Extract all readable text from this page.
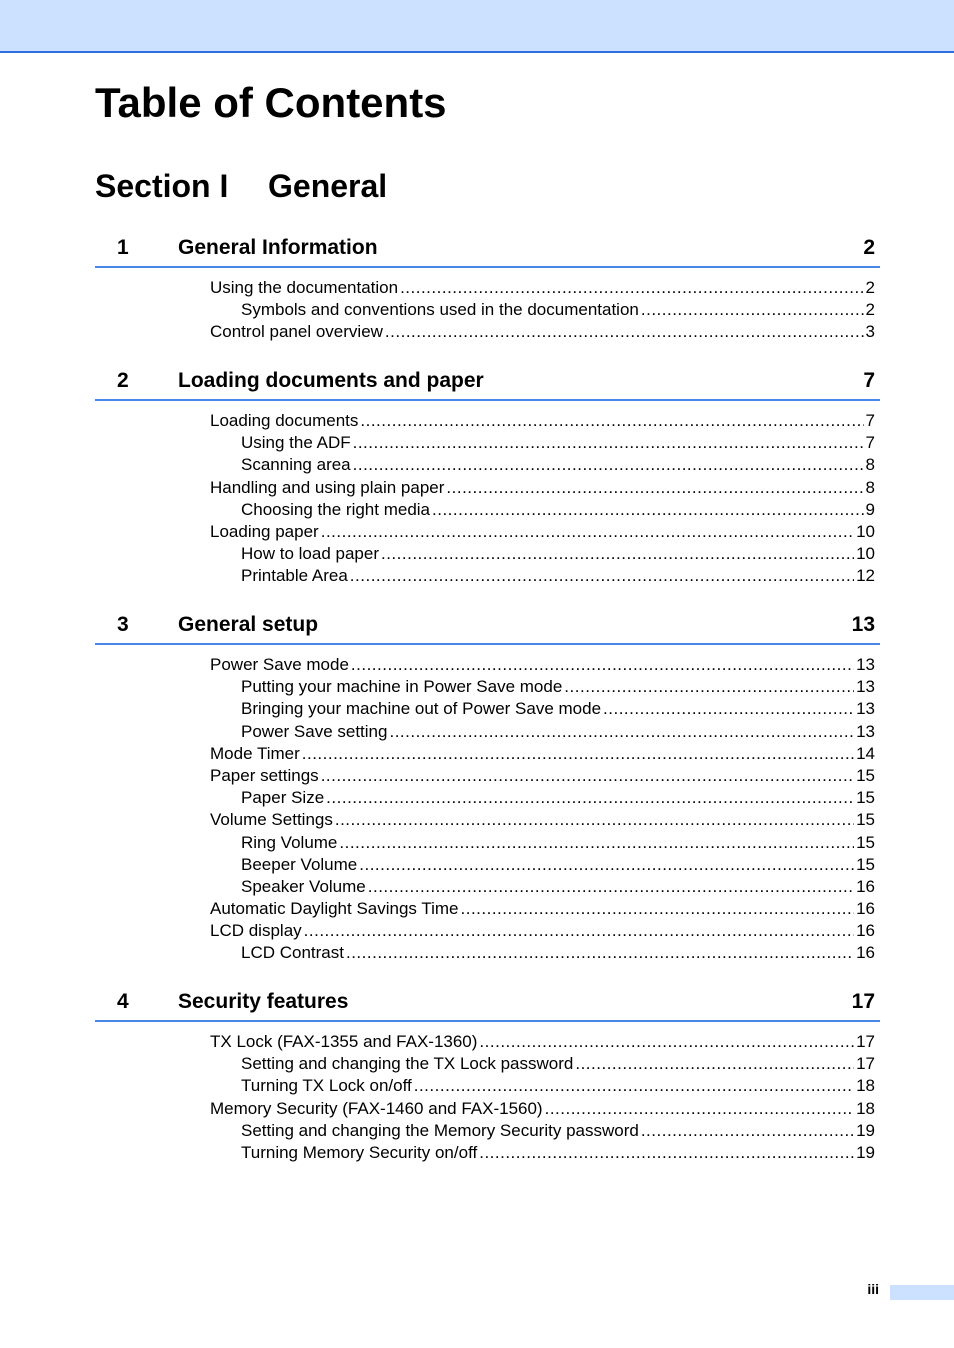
Table of Contents
Section I General
1 General Information	2
Using the documentation .....	2
Symbols and conventions used in the documentation .....	2
Control panel overview .....	3
2 Loading documents and paper	7
Loading documents .....	7
Using the ADF .....	7
Scanning area .....	8
Handling and using plain paper .....	8
Choosing the right media .....	9
Loading paper .....	10
How to load paper .....	10
Printable Area .....	12
3 General setup	13
Power Save mode .....	13
Putting your machine in Power Save mode .....	13
Bringing your machine out of Power Save mode .....	13
Power Save setting .....	13
Mode Timer .....	14
Paper settings .....	15
Paper Size .....	15
Volume Settings .....	15
Ring Volume .....	15
Beeper Volume .....	15
Speaker Volume .....	16
Automatic Daylight Savings Time .....	16
LCD display .....	16
LCD Contrast .....	16
4 Security features	17
TX Lock (FAX-1355 and FAX-1360) .....	17
Setting and changing the TX Lock password .....	17
Turning TX Lock on/off .....	18
Memory Security (FAX-1460 and FAX-1560) .....	18
Setting and changing the Memory Security password .....	19
Turning Memory Security on/off .....	19
iii
